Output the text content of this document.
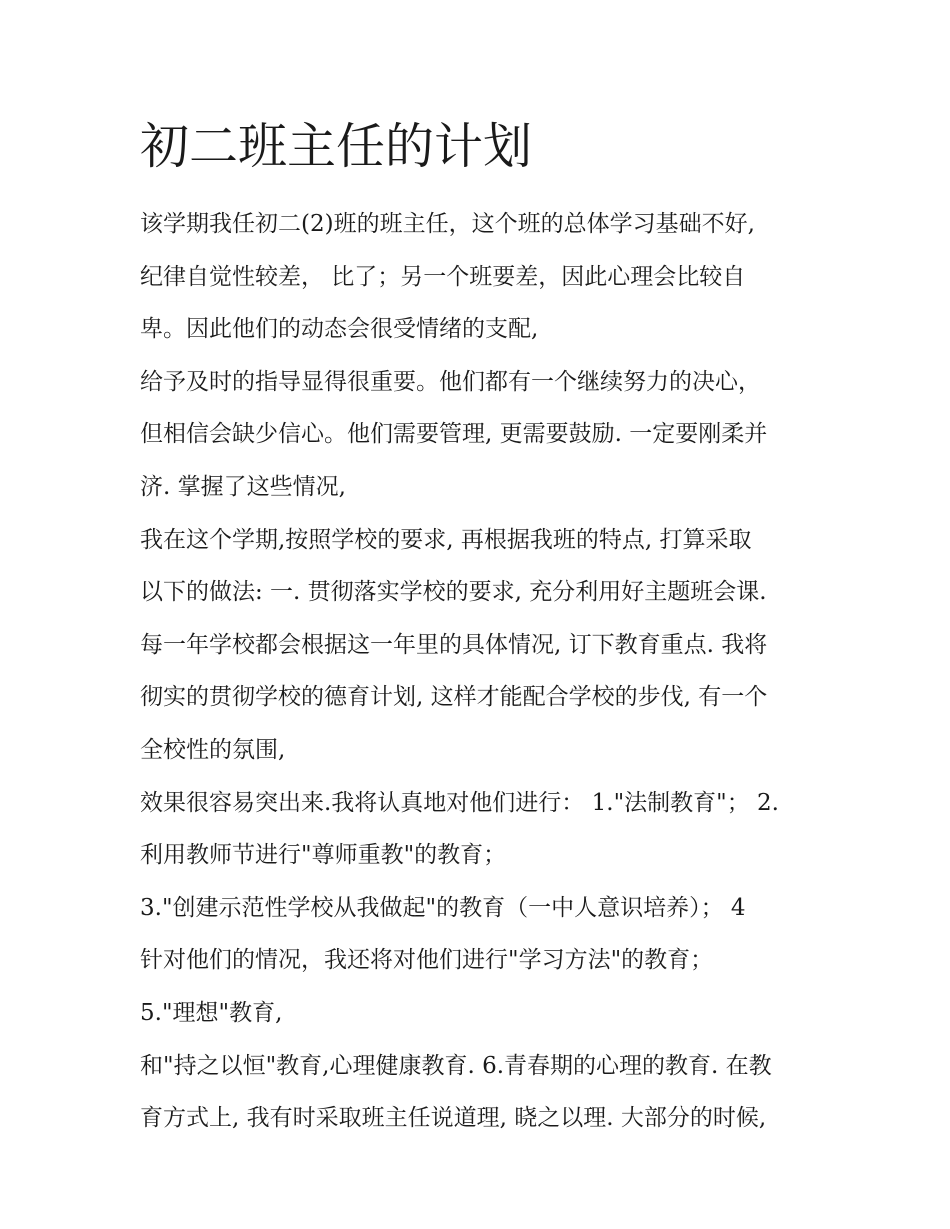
初二班主任的计划
该学期我任初二(2)班的班主任，这个班的总体学习基础不好,
纪律自觉性较差， 比了；另一个班要差，因此心理会比较自
卑。因此他们的动态会很受情绪的支配,
给予及时的指导显得很重要。他们都有一个继续努力的决心，
但相信会缺少信心。他们需要管理, 更需要鼓励. 一定要刚柔并
济. 掌握了这些情况,
我在这个学期,按照学校的要求, 再根据我班的特点, 打算采取
以下的做法: 一. 贯彻落实学校的要求, 充分利用好主题班会课.
每一年学校都会根据这一年里的具体情况, 订下教育重点. 我将
彻实的贯彻学校的德育计划, 这样才能配合学校的步伐, 有一个
全校性的氛围,
效果很容易突出来.我将认真地对他们进行： 1."法制教育"； 2.
利用教师节进行"尊师重教"的教育；
3."创建示范性学校从我做起"的教育（一中人意识培养）； 4
针对他们的情况，我还将对他们进行"学习方法"的教育；
5."理想"教育,
和"持之以恒"教育,心理健康教育. 6.青春期的心理的教育. 在教
育方式上, 我有时采取班主任说道理, 晓之以理. 大部分的时候,
